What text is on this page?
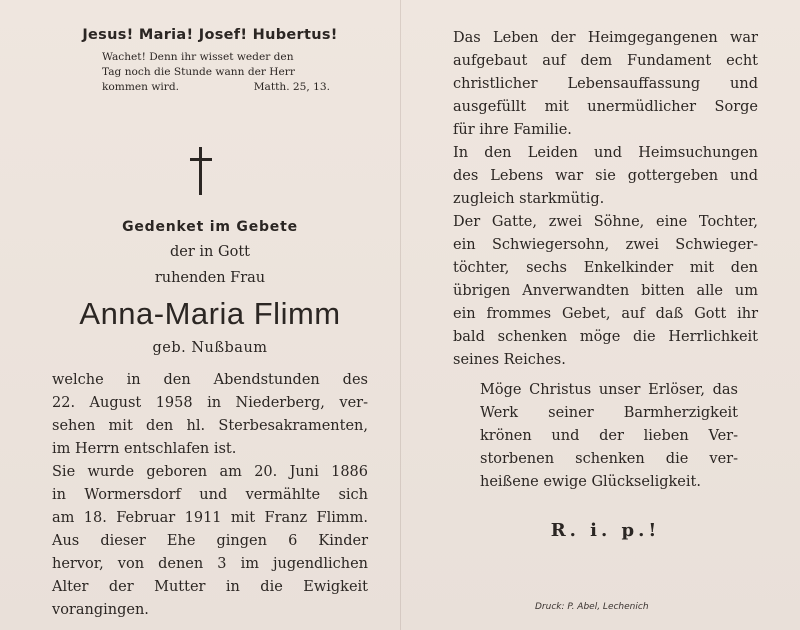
Jesus! Maria! Josef! Hubertus!
Wachet! Denn ihr wisset weder den
Tag noch die Stunde wann der Herr
kommen wird.	Matth. 25, 13.
Gedenket im Gebete
der in Gott
ruhenden Frau
Anna-Maria Flimm
geb. Nußbaum
welche in den Abendstunden des
22. August 1958 in Niederberg, ver-
sehen mit den hl. Sterbesakramenten,
im Herrn entschlafen ist.
Sie wurde geboren am 20. Juni 1886
in Wormersdorf und vermählte sich
am 18. Februar 1911 mit Franz Flimm.
Aus dieser Ehe gingen 6 Kinder
hervor, von denen 3 im jugendlichen
Alter der Mutter in die Ewigkeit
vorangingen.
Das Leben der Heimgegangenen war
aufgebaut auf dem Fundament echt
christlicher Lebensauffassung und
ausgefüllt mit unermüdlicher Sorge
für ihre Familie.
In den Leiden und Heimsuchungen
des Lebens war sie gottergeben und
zugleich starkmütig.
Der Gatte, zwei Söhne, eine Tochter,
ein Schwiegersohn, zwei Schwieger-
töchter, sechs Enkelkinder mit den
übrigen Anverwandten bitten alle um
ein frommes Gebet, auf daß Gott ihr
bald schenken möge die Herrlichkeit
seines Reiches.
Möge Christus unser Erlöser, das
Werk seiner Barmherzigkeit
krönen und der lieben Ver-
storbenen schenken die ver-
heißene ewige Glückseligkeit.
R. i. p.!
Druck: P. Abel, Lechenich
